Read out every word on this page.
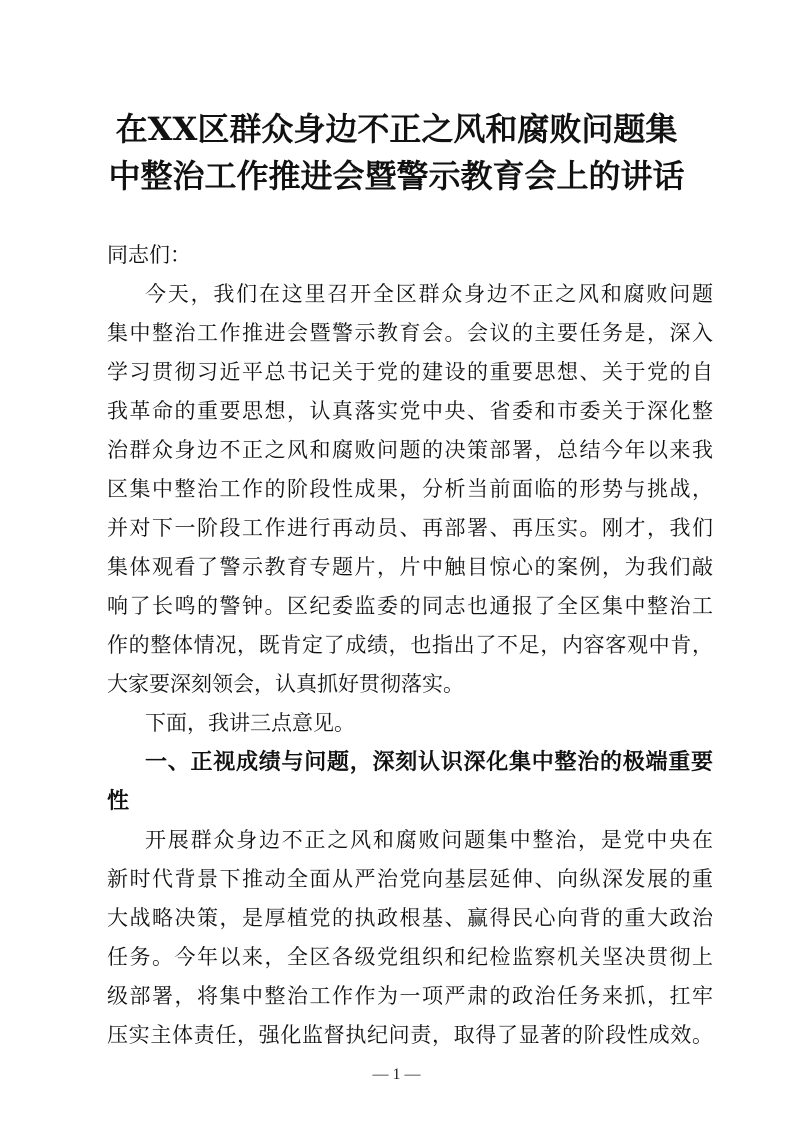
在XX区群众身边不正之风和腐败问题集
中整治工作推进会暨警示教育会上的讲话
同志们：
今天，我们在这里召开全区群众身边不正之风和腐败问题
集中整治工作推进会暨警示教育会。会议的主要任务是，深入
学习贯彻习近平总书记关于党的建设的重要思想、关于党的自
我革命的重要思想，认真落实党中央、省委和市委关于深化整
治群众身边不正之风和腐败问题的决策部署，总结今年以来我
区集中整治工作的阶段性成果，分析当前面临的形势与挑战，
并对下一阶段工作进行再动员、再部署、再压实。刚才，我们
集体观看了警示教育专题片，片中触目惊心的案例，为我们敲
响了长鸣的警钟。区纪委监委的同志也通报了全区集中整治工
作的整体情况，既肯定了成绩，也指出了不足，内容客观中肯，
大家要深刻领会，认真抓好贯彻落实。
下面，我讲三点意见。
一、正视成绩与问题，深刻认识深化集中整治的极端重要
性
开展群众身边不正之风和腐败问题集中整治，是党中央在
新时代背景下推动全面从严治党向基层延伸、向纵深发展的重
大战略决策，是厚植党的执政根基、赢得民心向背的重大政治
任务。今年以来，全区各级党组织和纪检监察机关坚决贯彻上
级部署，将集中整治工作作为一项严肃的政治任务来抓，扛牢
压实主体责任，强化监督执纪问责，取得了显著的阶段性成效。
— 1 —
